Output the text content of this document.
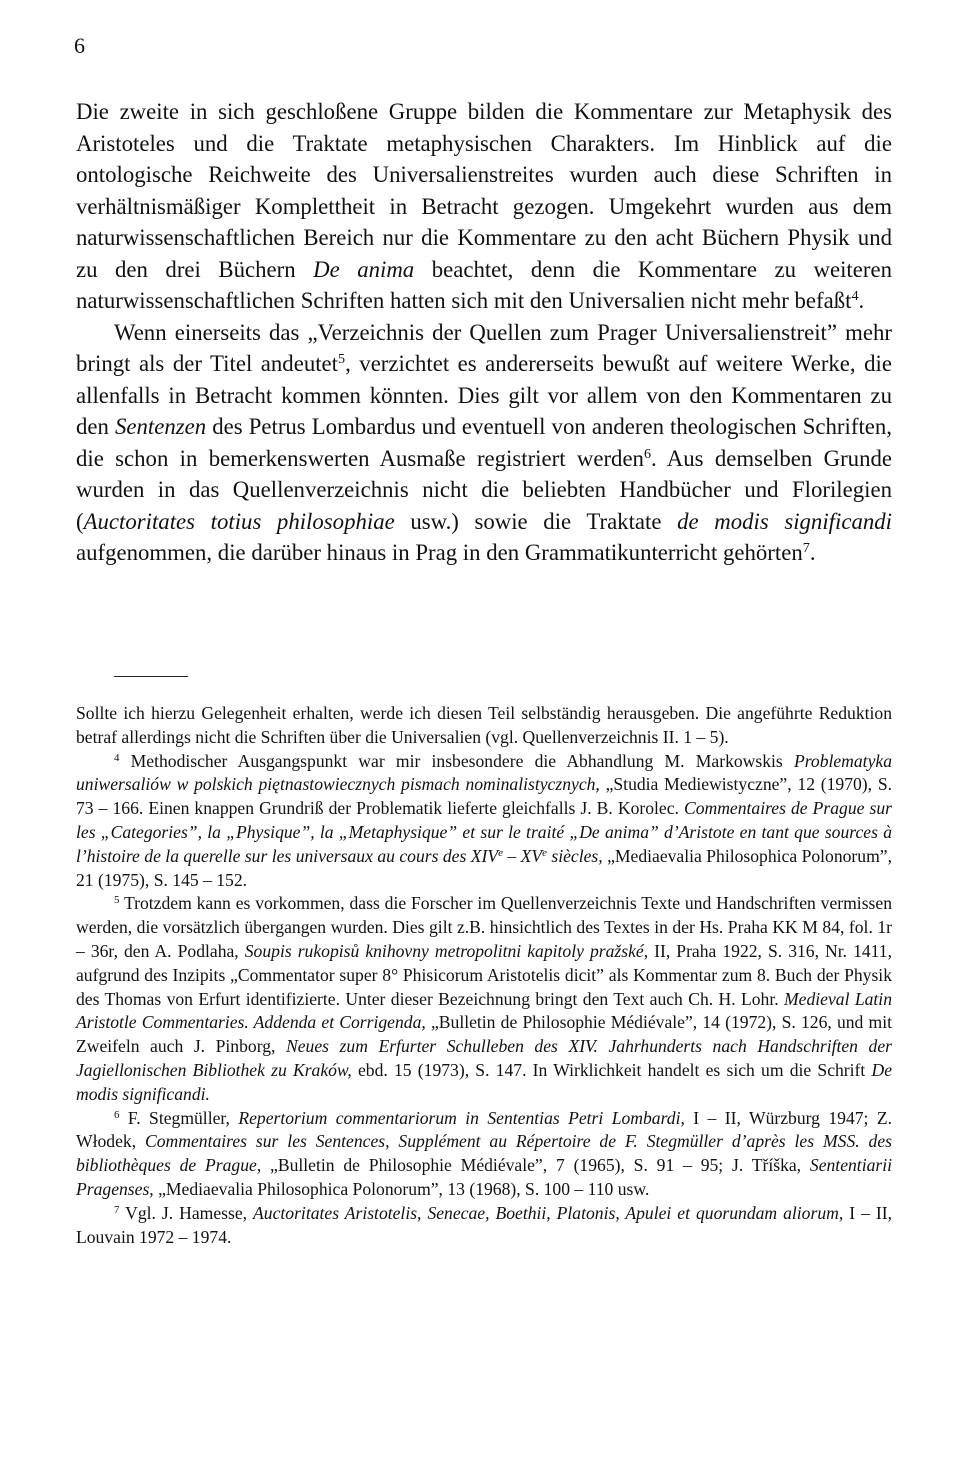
6

Die zweite in sich geschloßene Gruppe bilden die Kommentare zur Metaphysik des Aristoteles und die Traktate metaphysischen Charakters. Im Hinblick auf die ontologische Reichweite des Universalienstreites wurden auch diese Schriften in verhältnismäßiger Komplettheit in Betracht gezogen. Umgekehrt wurden aus dem naturwissenschaftlichen Bereich nur die Kommentare zu den acht Büchern Physik und zu den drei Büchern De anima beachtet, denn die Kommentare zu weiteren naturwissenschaftlichen Schriften hatten sich mit den Universalien nicht mehr befaßt$^4$.

Wenn einerseits das „Verzeichnis der Quellen zum Prager Universalienstreit” mehr bringt als der Titel andeutet$^5$, verzichtet es andererseits bewußt auf weitere Werke, die allenfalls in Betracht kommen könnten. Dies gilt vor allem von den Kommentaren zu den Sentenzen des Petrus Lombardus und eventuell von anderen theologischen Schriften, die schon in bemerkenswerten Ausmaße registriert werden$^6$. Aus demselben Grunde wurden in das Quellenverzeichnis nicht die beliebten Handbücher und Florilegien (Auctoritates totius philosophiae usw.) sowie die Traktate de modis significandi aufgenommen, die darüber hinaus in Prag in den Grammatikunterricht gehörten$^7$.

Sollte ich hierzu Gelegenheit erhalten, werde ich diesen Teil selbständig herausgeben. Die angeführte Reduktion betraf allerdings nicht die Schriften über die Universalien (vgl. Quellenverzeichnis II. 1 – 5).

$^4$ Methodischer Ausgangspunkt war mir insbesondere die Abhandlung M. Markowskis Problematyka uniwersaliów w polskich piętnastowiecznych pismach nominalistycznych, „Studia Mediewistyczne”, 12 (1970), S. 73 – 166. Einen knappen Grundriß der Problematik lieferte gleichfalls J. B. Korolec. Commentaires de Prague sur les „Categories”, la „Physique”, la „Metaphysique” et sur le traité „De anima” d’Aristote en tant que sources à l’histoire de la querelle sur les universaux au cours des XIVe – XVe siècles, „Mediaevalia Philosophica Polonorum”, 21 (1975), S. 145 – 152.

$^5$ Trotzdem kann es vorkommen, dass die Forscher im Quellenverzeichnis Texte und Handschriften vermissen werden, die vorsätzlich übergangen wurden. Dies gilt z.B. hinsichtlich des Textes in der Hs. Praha KK M 84, fol. 1r – 36r, den A. Podlaha, Soupis rukopisů knihovny metropolitni kapitoly pražské, II, Praha 1922, S. 316, Nr. 1411, aufgrund des Inzipits „Commentator super 8° Phisicorum Aristotelis dicit” als Kommentar zum 8. Buch der Physik des Thomas von Erfurt identifizierte. Unter dieser Bezeichnung bringt den Text auch Ch. H. Lohr. Medieval Latin Aristotle Commentaries. Addenda et Corrigenda, „Bulletin de Philosophie Médiévale”, 14 (1972), S. 126, und mit Zweifeln auch J. Pinborg, Neues zum Erfurter Schulleben des XIV. Jahrhunderts nach Handschriften der Jagiellonischen Bibliothek zu Kraków, ebd. 15 (1973), S. 147. In Wirklichkeit handelt es sich um die Schrift De modis significandi.

$^6$ F. Stegmüller, Repertorium commentariorum in Sententias Petri Lombardi, I – II, Würzburg 1947; Z. Włodek, Commentaires sur les Sentences, Supplément au Répertoire de F. Stegmüller d’après les MSS. des bibliothèques de Prague, „Bulletin de Philosophie Médiévale”, 7 (1965), S. 91 – 95; J. Tříška, Sententiarii Pragenses, „Mediaevalia Philosophica Polonorum”, 13 (1968), S. 100 – 110 usw.

$^7$ Vgl. J. Hamesse, Auctoritates Aristotelis, Senecae, Boethii, Platonis, Apulei et quorundam aliorum, I – II, Louvain 1972 – 1974.
